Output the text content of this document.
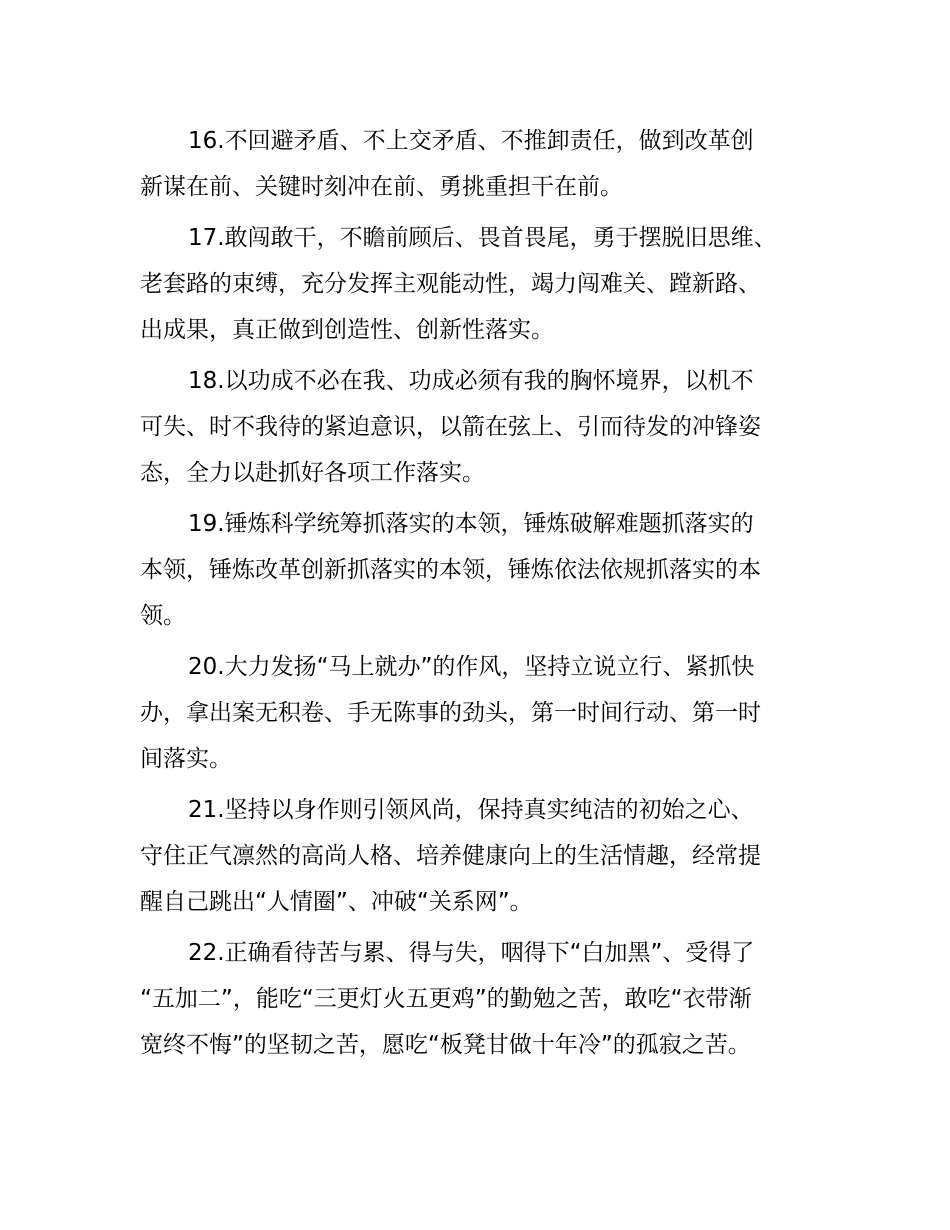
16.不回避矛盾、不上交矛盾、不推卸责任，做到改革创
新谋在前、关键时刻冲在前、勇挑重担干在前。

17.敢闯敢干，不瞻前顾后、畏首畏尾，勇于摆脱旧思维、
老套路的束缚，充分发挥主观能动性，竭力闯难关、蹚新路、
出成果，真正做到创造性、创新性落实。

18.以功成不必在我、功成必须有我的胸怀境界，以机不
可失、时不我待的紧迫意识，以箭在弦上、引而待发的冲锋姿
态，全力以赴抓好各项工作落实。

19.锤炼科学统筹抓落实的本领，锤炼破解难题抓落实的
本领，锤炼改革创新抓落实的本领，锤炼依法依规抓落实的本
领。

20.大力发扬“马上就办”的作风，坚持立说立行、紧抓快
办，拿出案无积卷、手无陈事的劲头，第一时间行动、第一时
间落实。

21.坚持以身作则引领风尚，保持真实纯洁的初始之心、
守住正气凛然的高尚人格、培养健康向上的生活情趣，经常提
醒自己跳出“人情圈”、冲破“关系网”。

22.正确看待苦与累、得与失，咽得下“白加黑”、受得了
“五加二”，能吃“三更灯火五更鸡”的勤勉之苦，敢吃“衣带渐
宽终不悔”的坚韧之苦，愿吃“板凳甘做十年冷”的孤寂之苦。
